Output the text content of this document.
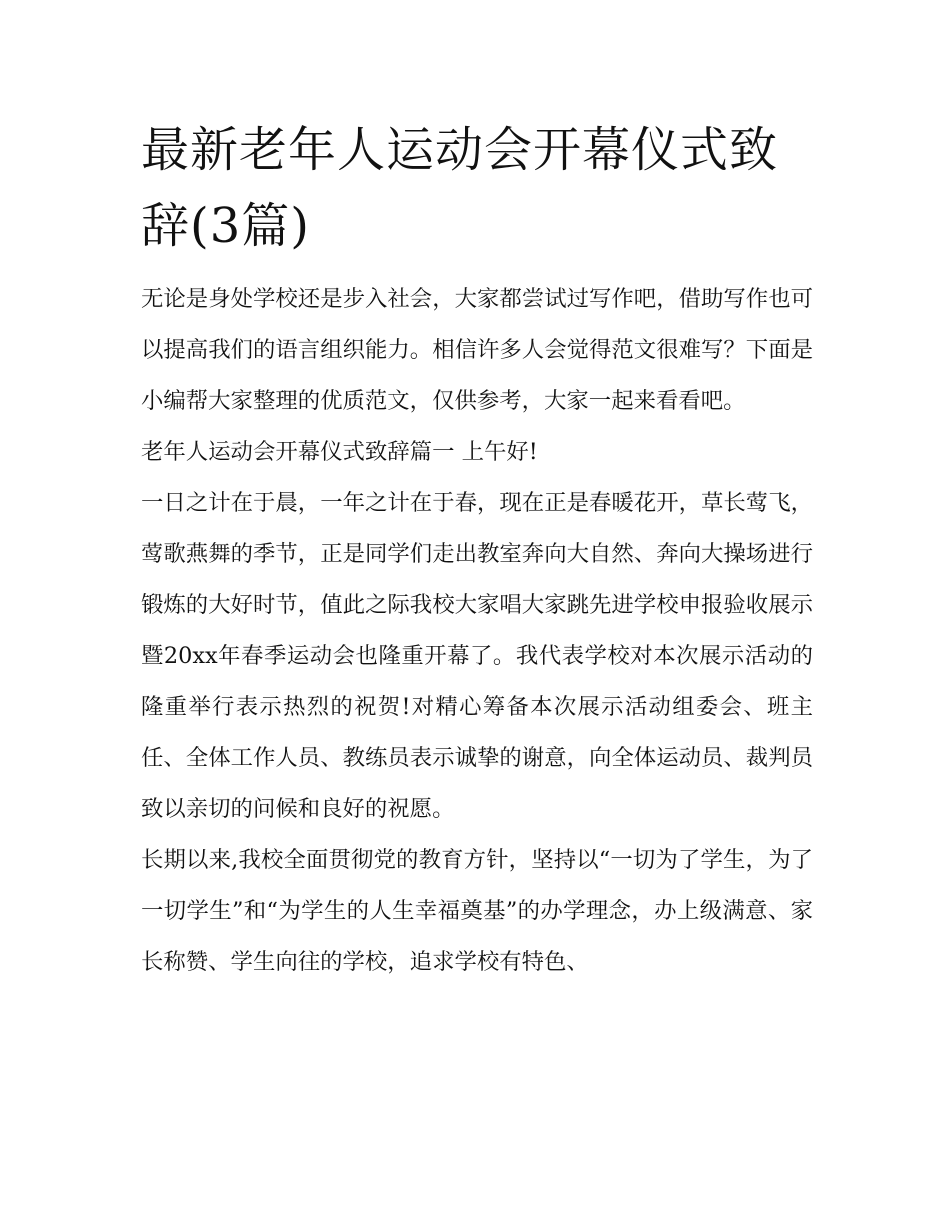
最新老年人运动会开幕仪式致辞(3篇)

无论是身处学校还是步入社会，大家都尝试过写作吧，借助写作也可以提高我们的语言组织能力。相信许多人会觉得范文很难写？下面是小编帮大家整理的优质范文，仅供参考，大家一起来看看吧。

老年人运动会开幕仪式致辞篇一 上午好!

一日之计在于晨，一年之计在于春，现在正是春暖花开，草长莺飞，莺歌燕舞的季节，正是同学们走出教室奔向大自然、奔向大操场进行锻炼的大好时节，值此之际我校大家唱大家跳先进学校申报验收展示暨20xx年春季运动会也隆重开幕了。我代表学校对本次展示活动的隆重举行表示热烈的祝贺!对精心筹备本次展示活动组委会、班主任、全体工作人员、教练员表示诚挚的谢意，向全体运动员、裁判员致以亲切的问候和良好的祝愿。

长期以来,我校全面贯彻党的教育方针，坚持以“一切为了学生，为了一切学生”和“为学生的人生幸福奠基”的办学理念，办上级满意、家长称赞、学生向往的学校，追求学校有特色、
